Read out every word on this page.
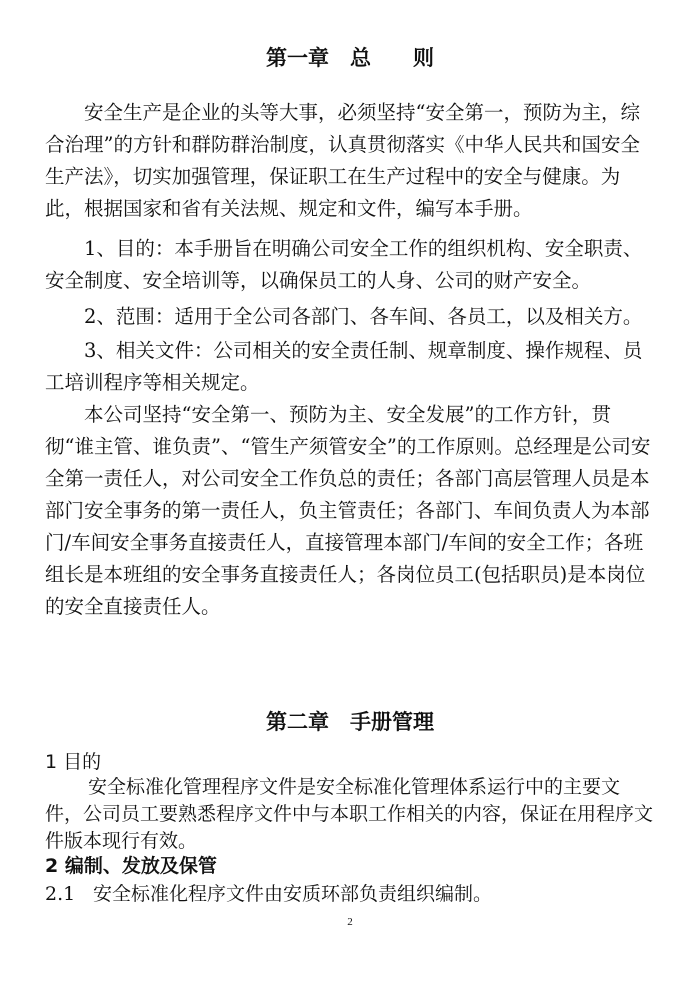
第一章　总　　则

安全生产是企业的头等大事，必须坚持“安全第一，预防为主，综合治理”的方针和群防群治制度，认真贯彻落实《中华人民共和国安全生产法》，切实加强管理，保证职工在生产过程中的安全与健康。为此，根据国家和省有关法规、规定和文件，编写本手册。

1、目的：本手册旨在明确公司安全工作的组织机构、安全职责、安全制度、安全培训等，以确保员工的人身、公司的财产安全。

2、范围：适用于全公司各部门、各车间、各员工，以及相关方。

3、相关文件：公司相关的安全责任制、规章制度、操作规程、员工培训程序等相关规定。

本公司坚持“安全第一、预防为主、安全发展”的工作方针，贯彻“谁主管、谁负责”、“管生产须管安全”的工作原则。总经理是公司安全第一责任人，对公司安全工作负总的责任；各部门高层管理人员是本部门安全事务的第一责任人，负主管责任；各部门、车间负责人为本部门/车间安全事务直接责任人，直接管理本部门/车间的安全工作；各班组长是本班组的安全事务直接责任人；各岗位员工(包括职员)是本岗位的安全直接责任人。

第二章　手册管理
1 目的

安全标准化管理程序文件是安全标准化管理体系运行中的主要文件，公司员工要熟悉程序文件中与本职工作相关的内容，保证在用程序文件版本现行有效。

2 编制、发放及保管
2.1 安全标准化程序文件由安质环部负责组织编制。
2
